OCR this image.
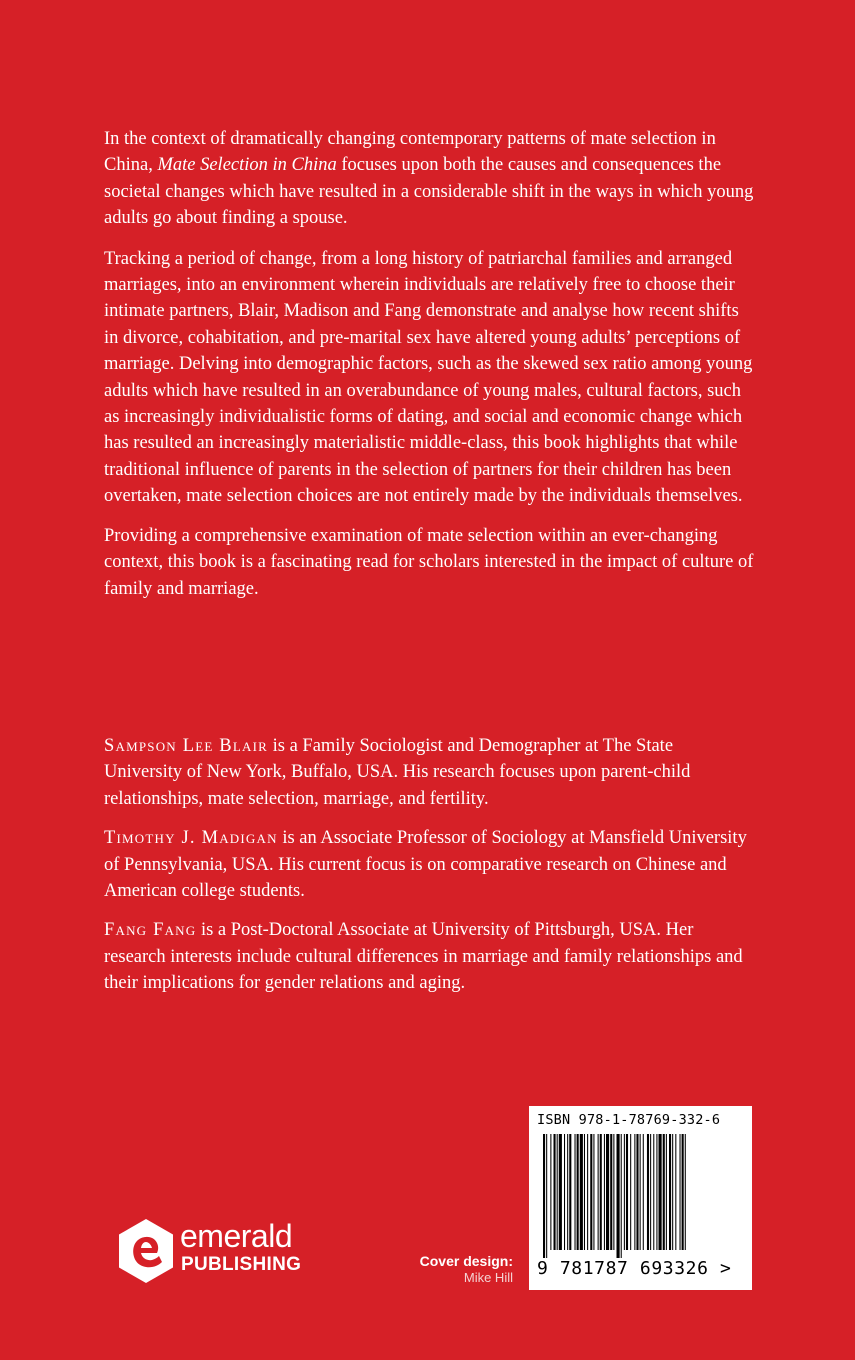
In the context of dramatically changing contemporary patterns of mate selection in China, Mate Selection in China focuses upon both the causes and consequences the societal changes which have resulted in a considerable shift in the ways in which young adults go about finding a spouse.

Tracking a period of change, from a long history of patriarchal families and arranged marriages, into an environment wherein individuals are relatively free to choose their intimate partners, Blair, Madison and Fang demonstrate and analyse how recent shifts in divorce, cohabitation, and pre-marital sex have altered young adults’ perceptions of marriage. Delving into demographic factors, such as the skewed sex ratio among young adults which have resulted in an overabundance of young males, cultural factors, such as increasingly individualistic forms of dating, and social and economic change which has resulted an increasingly materialistic middle-class, this book highlights that while traditional influence of parents in the selection of partners for their children has been overtaken, mate selection choices are not entirely made by the individuals themselves.

Providing a comprehensive examination of mate selection within an ever-changing context, this book is a fascinating read for scholars interested in the impact of culture of family and marriage.

Sampson Lee Blair is a Family Sociologist and Demographer at The State University of New York, Buffalo, USA. His research focuses upon parent-child relationships, mate selection, marriage, and fertility.

Timothy J. Madigan is an Associate Professor of Sociology at Mansfield University of Pennsylvania, USA. His current focus is on comparative research on Chinese and American college students.

Fang Fang is a Post-Doctoral Associate at University of Pittsburgh, USA. Her research interests include cultural differences in marriage and family relationships and their implications for gender relations and aging.

emerald
PUBLISHING	Cover design:
Mike Hill
ISBN 978-1-78769-332-6
9 781787 693326 >
